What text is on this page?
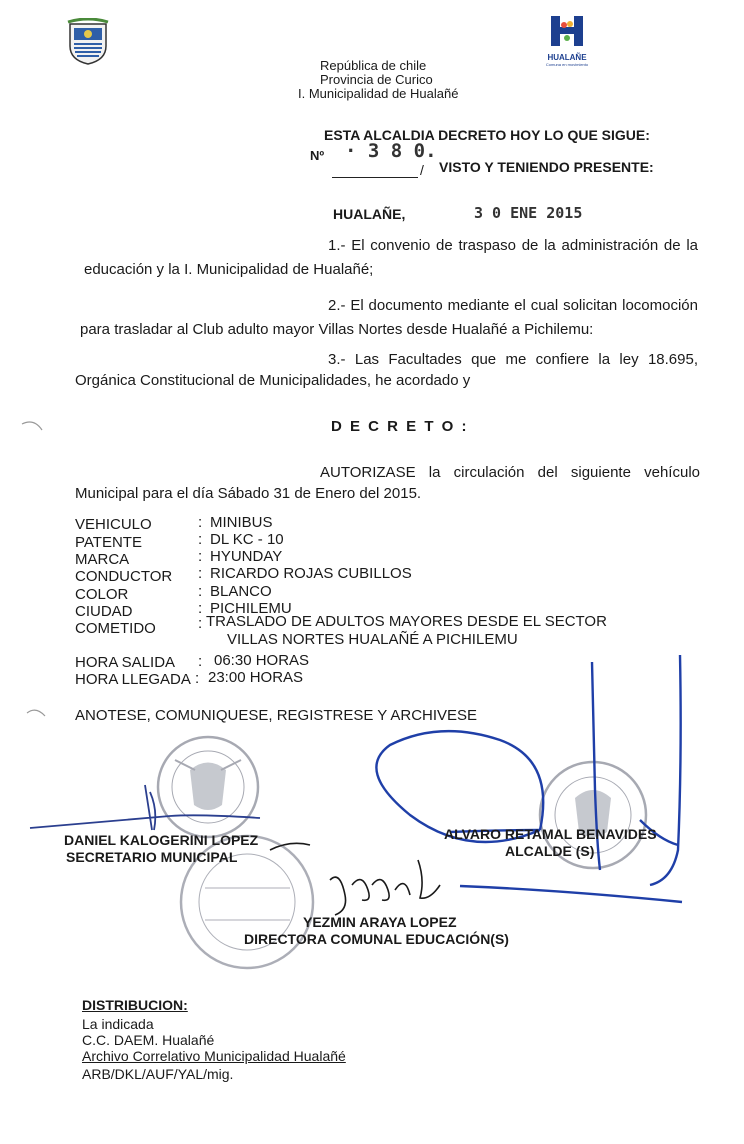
HUALAÑE
Comuna en movimiento
República de chile
Provincia de Curico
I. Municipalidad de Hualañé
ESTA ALCALDIA DECRETO HOY LO QUE SIGUE:
Nº · 3 8 0.
/ VISTO Y TENIENDO PRESENTE:
HUALAÑE,	3 0 ENE 2015
1.- El convenio de traspaso de la administración de la
educación y la I. Municipalidad de Hualañé;
2.- El documento mediante el cual solicitan locomoción
para trasladar al Club adulto mayor Villas Nortes desde Hualañé a Pichilemu:
3.- Las Facultades que me confiere la ley 18.695,
Orgánica Constitucional de Municipalidades, he acordado y
D E C R E T O :
AUTORIZASE la circulación del siguiente vehículo
Municipal para el día Sábado 31 de Enero del 2015.
VEHICULO	: MINIBUS
PATENTE	: DL KC - 10
MARCA	: HYUNDAY
CONDUCTOR : RICARDO ROJAS CUBILLOS
COLOR	: BLANCO
CIUDAD	: PICHILEMU
COMETIDO	: TRASLADO DE ADULTOS MAYORES DESDE EL SECTOR
VILLAS NORTES HUALAÑÉ A PICHILEMU
HORA SALIDA : 06:30 HORAS
HORA LLEGADA : 23:00 HORAS
ANOTESE, COMUNIQUESE, REGISTRESE Y ARCHIVESE
DANIEL KALOGERINI LOPEZ
SECRETARIO MUNICIPAL
ALVARO RETAMAL BENAVIDES
ALCALDE (S)
YEZMIN ARAYA LOPEZ
DIRECTORA COMUNAL EDUCACIÓN(S)
DISTRIBUCION:
La indicada
C.C. DAEM. Hualañé
Archivo Correlativo Municipalidad Hualañé
ARB/DKL/AUF/YAL/mig.
